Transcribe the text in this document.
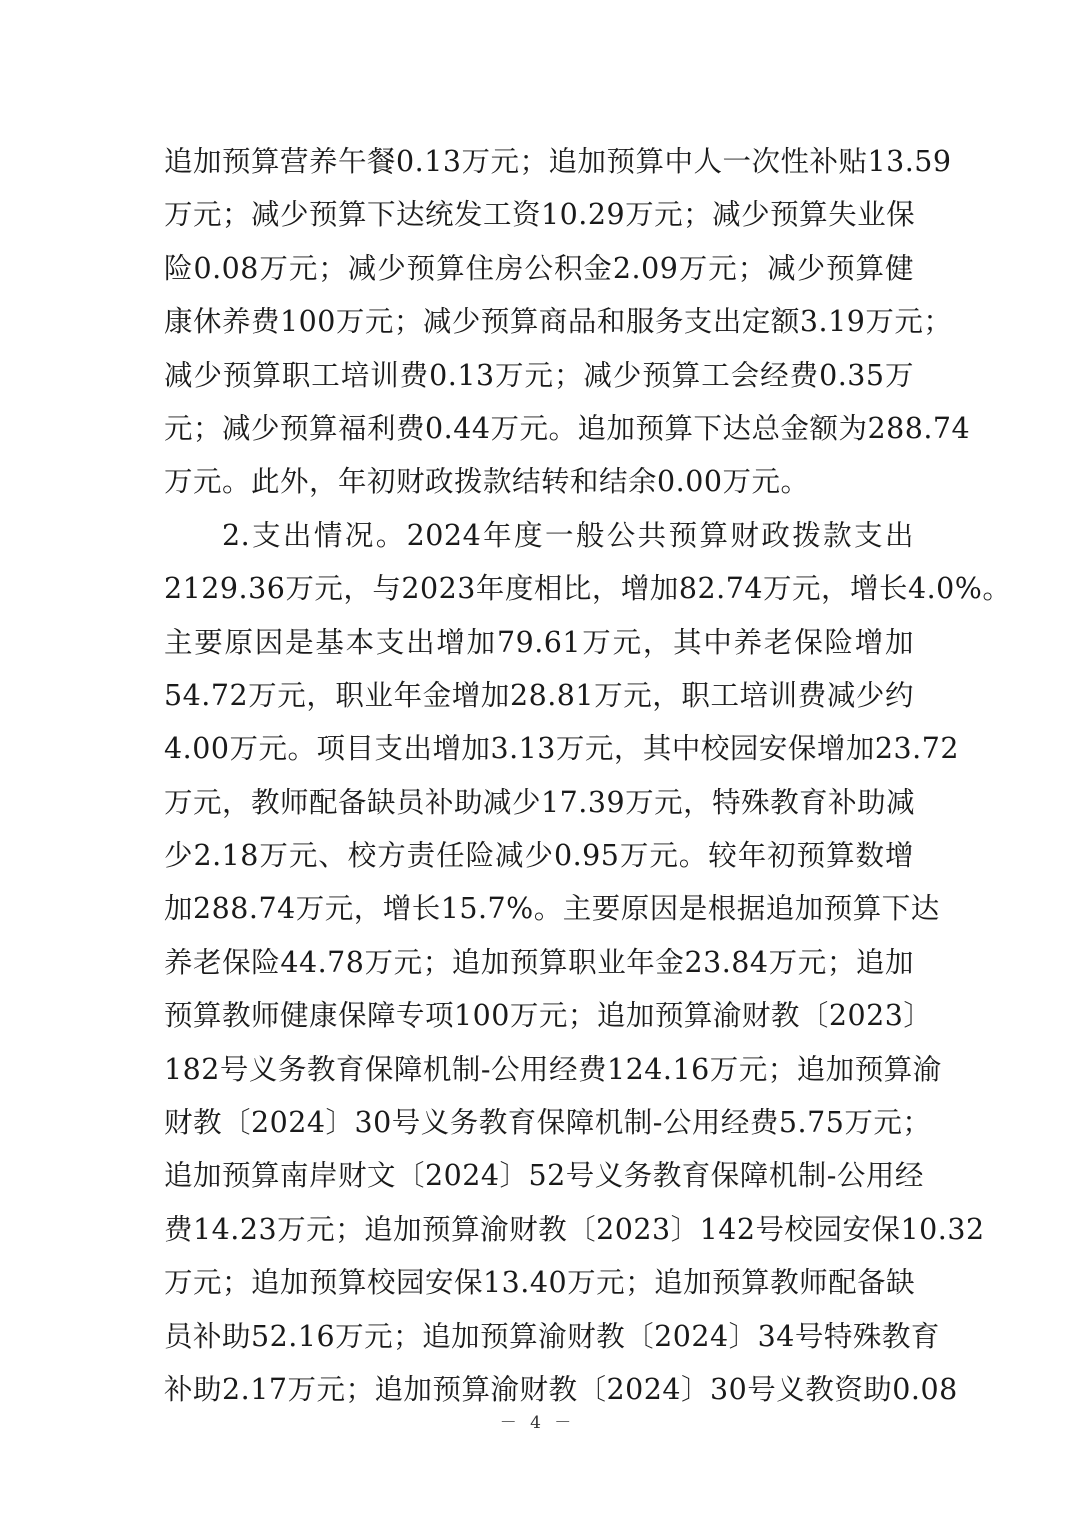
追加预算营养午餐0.13万元；追加预算中人一次性补贴13.59
万元；减少预算下达统发工资10.29万元；减少预算失业保
险0.08万元；减少预算住房公积金2.09万元；减少预算健
康休养费100万元；减少预算商品和服务支出定额3.19万元；
减少预算职工培训费0.13万元；减少预算工会经费0.35万
元；减少预算福利费0.44万元。追加预算下达总金额为288.74
万元。此外，年初财政拨款结转和结余0.00万元。
2.支出情况。2024年度一般公共预算财政拨款支出
2129.36万元，与2023年度相比，增加82.74万元，增长4.0%。
主要原因是基本支出增加79.61万元，其中养老保险增加
54.72万元，职业年金增加28.81万元，职工培训费减少约
4.00万元。项目支出增加3.13万元，其中校园安保增加23.72
万元，教师配备缺员补助减少17.39万元，特殊教育补助减
少2.18万元、校方责任险减少0.95万元。较年初预算数增
加288.74万元，增长15.7%。主要原因是根据追加预算下达
养老保险44.78万元；追加预算职业年金23.84万元；追加
预算教师健康保障专项100万元；追加预算渝财教〔2023〕
182号义务教育保障机制-公用经费124.16万元；追加预算渝
财教〔2024〕30号义务教育保障机制-公用经费5.75万元；
追加预算南岸财文〔2024〕52号义务教育保障机制-公用经
费14.23万元；追加预算渝财教〔2023〕142号校园安保10.32
万元；追加预算校园安保13.40万元；追加预算教师配备缺
员补助52.16万元；追加预算渝财教〔2024〕34号特殊教育
补助2.17万元；追加预算渝财教〔2024〕30号义教资助0.08
－ 4 －
